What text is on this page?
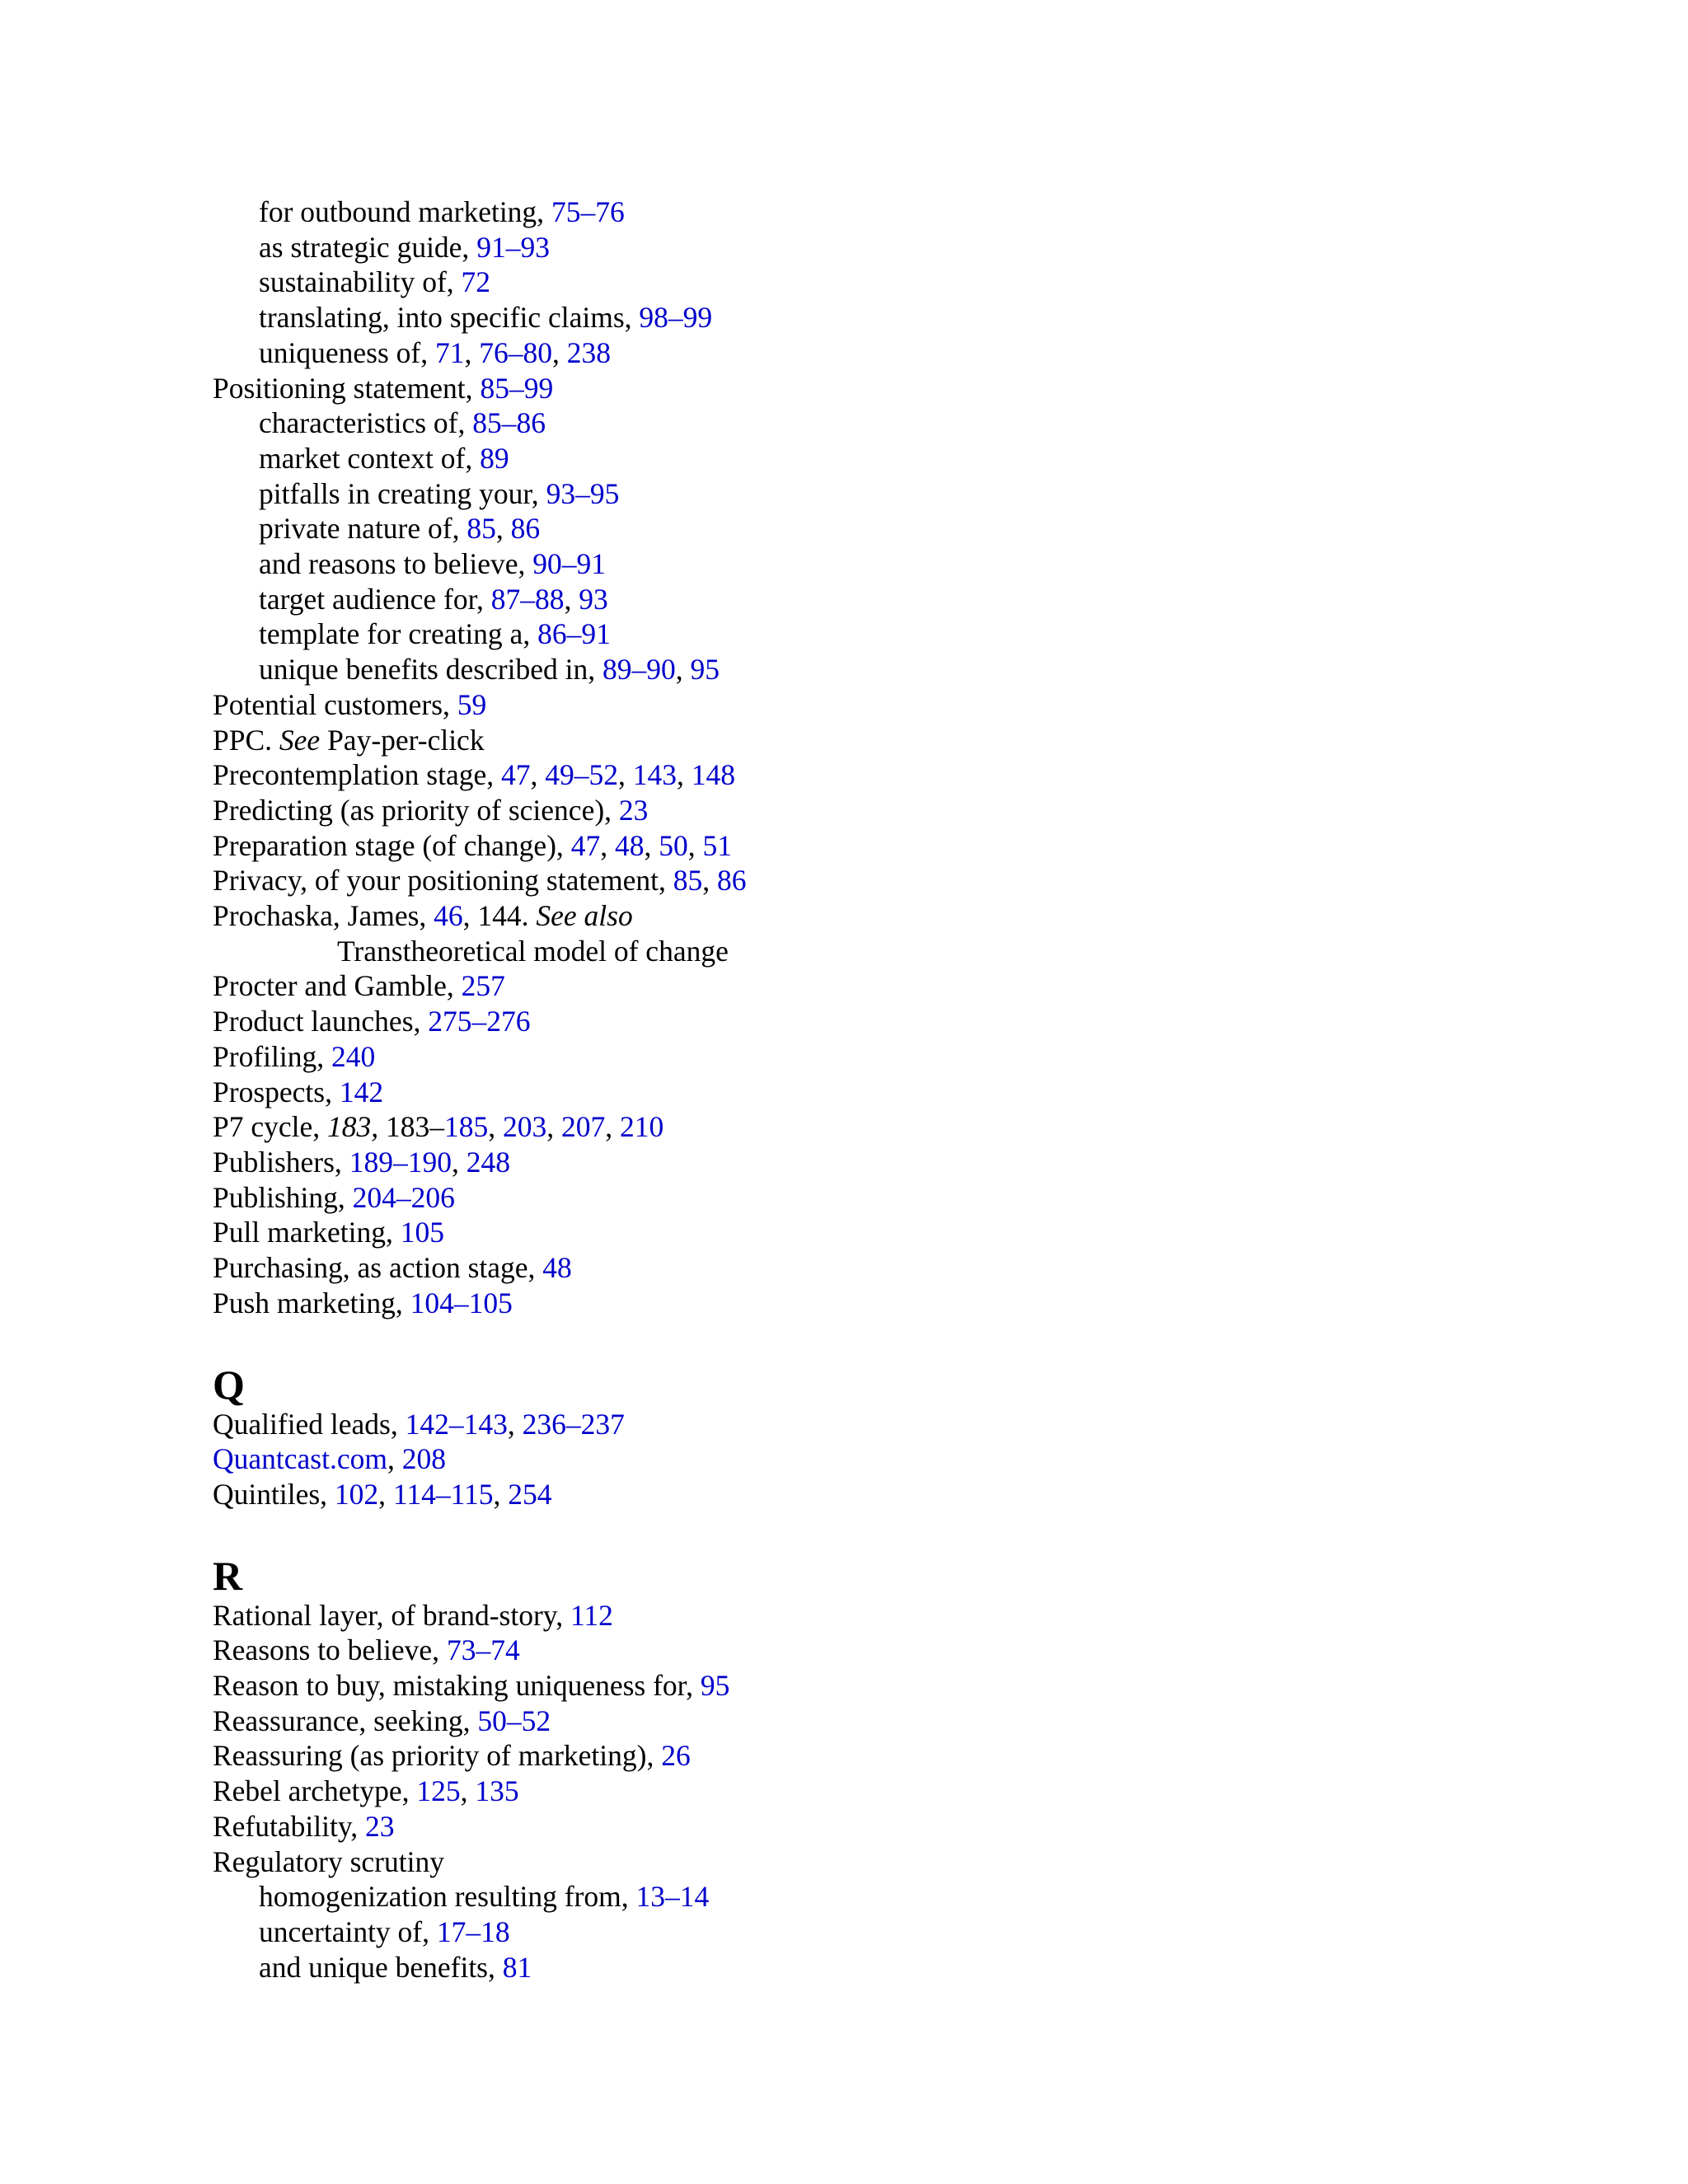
for outbound marketing, 75–76
as strategic guide, 91–93
sustainability of, 72
translating, into specific claims, 98–99
uniqueness of, 71, 76–80, 238
Positioning statement, 85–99
characteristics of, 85–86
market context of, 89
pitfalls in creating your, 93–95
private nature of, 85, 86
and reasons to believe, 90–91
target audience for, 87–88, 93
template for creating a, 86–91
unique benefits described in, 89–90, 95
Potential customers, 59
PPC. See Pay-per-click
Precontemplation stage, 47, 49–52, 143, 148
Predicting (as priority of science), 23
Preparation stage (of change), 47, 48, 50, 51
Privacy, of your positioning statement, 85, 86
Prochaska, James, 46, 144. See also
Transtheoretical model of change
Procter and Gamble, 257
Product launches, 275–276
Profiling, 240
Prospects, 142
P7 cycle, 183, 183–185, 203, 207, 210
Publishers, 189–190, 248
Publishing, 204–206
Pull marketing, 105
Purchasing, as action stage, 48
Push marketing, 104–105
Q
Qualified leads, 142–143, 236–237
Quantcast.com, 208
Quintiles, 102, 114–115, 254
R
Rational layer, of brand-story, 112
Reasons to believe, 73–74
Reason to buy, mistaking uniqueness for, 95
Reassurance, seeking, 50–52
Reassuring (as priority of marketing), 26
Rebel archetype, 125, 135
Refutability, 23
Regulatory scrutiny
homogenization resulting from, 13–14
uncertainty of, 17–18
and unique benefits, 81
